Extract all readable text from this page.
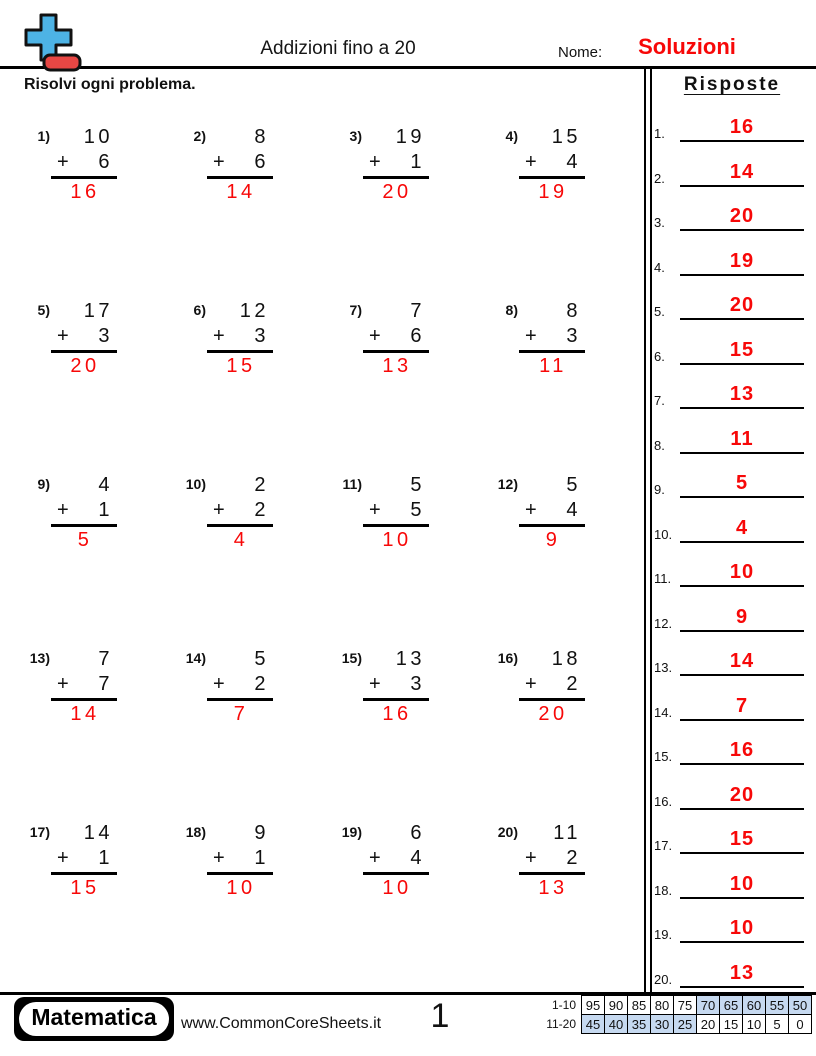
Addizioni fino a 20	Nome:	Soluzioni
Risolvi ogni problema.
1)	10
+ 6
16
2)	8
+ 6
14
3)	19
+ 1
20
4)	15
+ 4
19
5)	17
+ 3
20
6)	12
+ 3
15
7)	7
+ 6
13
8)	8
+ 3
11
9)	4
+ 1
5
10)	2
+ 2
4
11)	5
+ 5
10
12)	5
+ 4
9
13)	7
+ 7
14
14)	5
+ 2
7
15)	13
+ 3
16
16)	18
+ 2
20
17)	14
+ 1
15
18)	9
+ 1
10
19)	6
+ 4
10
20)	11
+ 2
13
Risposte
1.	16
2.	14
3.	20
4.	19
5.	20
6.	15
7.	13
8.	11
9.	5
10.	4
11.	10
12.	9
13.	14
14.	7
15.	16
16.	20
17.	15
18.	10
19.	10
20.	13
Matematica	www.CommonCoreSheets.it	1	1-10	95	90	85	80	75	70	65	60	55	50
11-20	45	40	35	30	25	20	15	10	5	0
